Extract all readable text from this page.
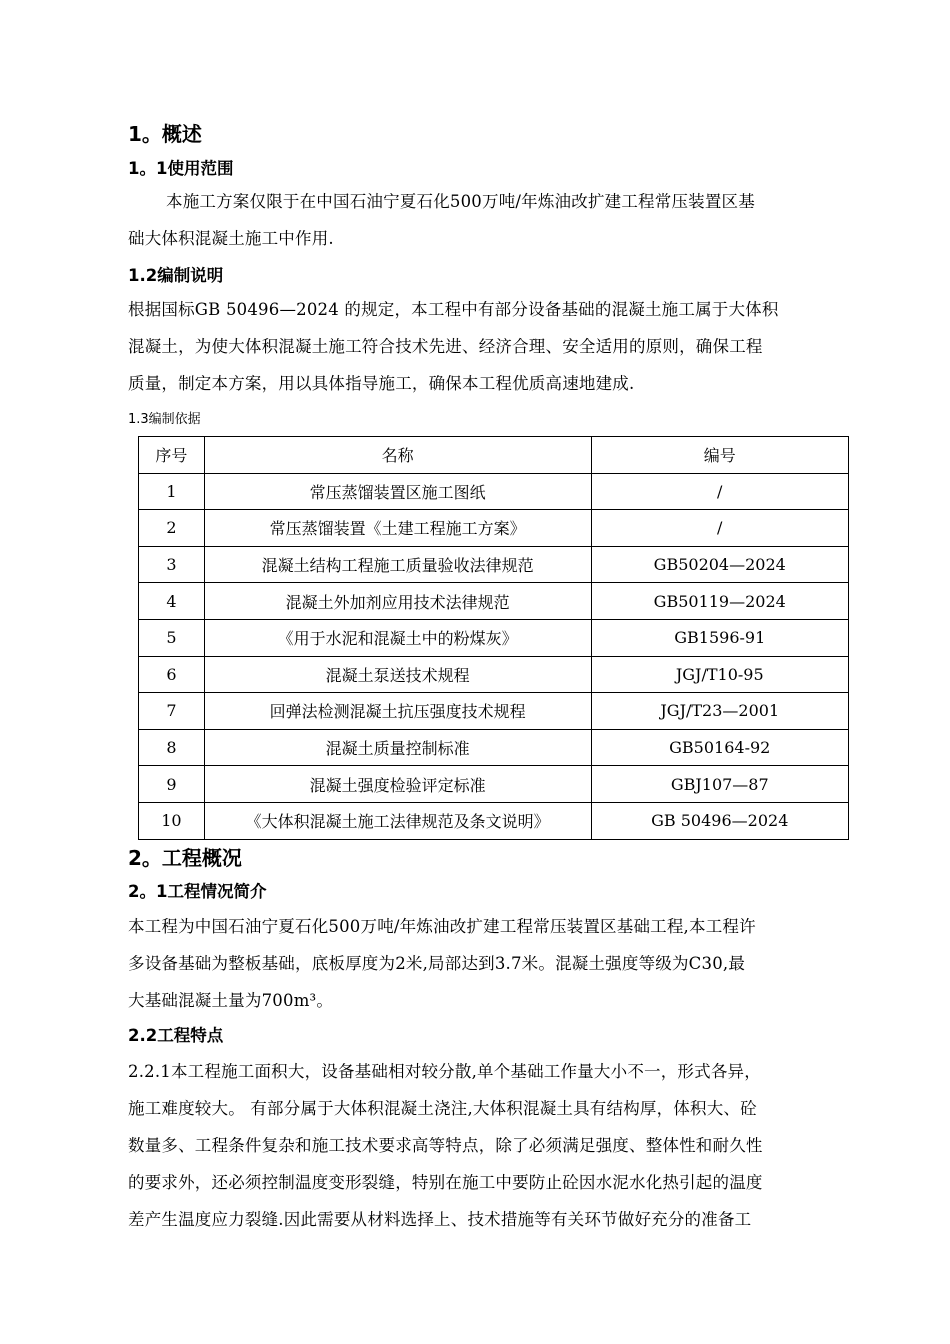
1。概述
1。1使用范围
本施工方案仅限于在中国石油宁夏石化500万吨/年炼油改扩建工程常压装置区基
础大体积混凝土施工中作用.
1.2编制说明
根据国标GB 50496—2024 的规定，本工程中有部分设备基础的混凝土施工属于大体积
混凝土，为使大体积混凝土施工符合技术先进、经济合理、安全适用的原则，确保工程
质量，制定本方案，用以具体指导施工，确保本工程优质高速地建成.
1.3编制依据
序号	名称	编号
1	常压蒸馏装置区施工图纸	/
2	常压蒸馏装置《土建工程施工方案》	/
3	混凝土结构工程施工质量验收法律规范	GB50204—2024
4	混凝土外加剂应用技术法律规范	GB50119—2024
5	《用于水泥和混凝土中的粉煤灰》	GB1596-91
6	混凝土泵送技术规程	JGJ/T10-95
7	回弹法检测混凝土抗压强度技术规程	JGJ/T23—2001
8	混凝土质量控制标准	GB50164-92
9	混凝土强度检验评定标准	GBJ107—87
10	《大体积混凝土施工法律规范及条文说明》	GB 50496—2024
2。工程概况
2。1工程情况简介
本工程为中国石油宁夏石化500万吨/年炼油改扩建工程常压装置区基础工程,本工程许
多设备基础为整板基础，底板厚度为2米,局部达到3.7米。混凝土强度等级为C30,最
大基础混凝土量为700m³。
2.2工程特点
2.2.1本工程施工面积大，设备基础相对较分散,单个基础工作量大小不一，形式各异，
施工难度较大。 有部分属于大体积混凝土浇注,大体积混凝土具有结构厚，体积大、砼
数量多、工程条件复杂和施工技术要求高等特点，除了必须满足强度、整体性和耐久性
的要求外，还必须控制温度变形裂缝，特别在施工中要防止砼因水泥水化热引起的温度
差产生温度应力裂缝.因此需要从材料选择上、技术措施等有关环节做好充分的准备工
